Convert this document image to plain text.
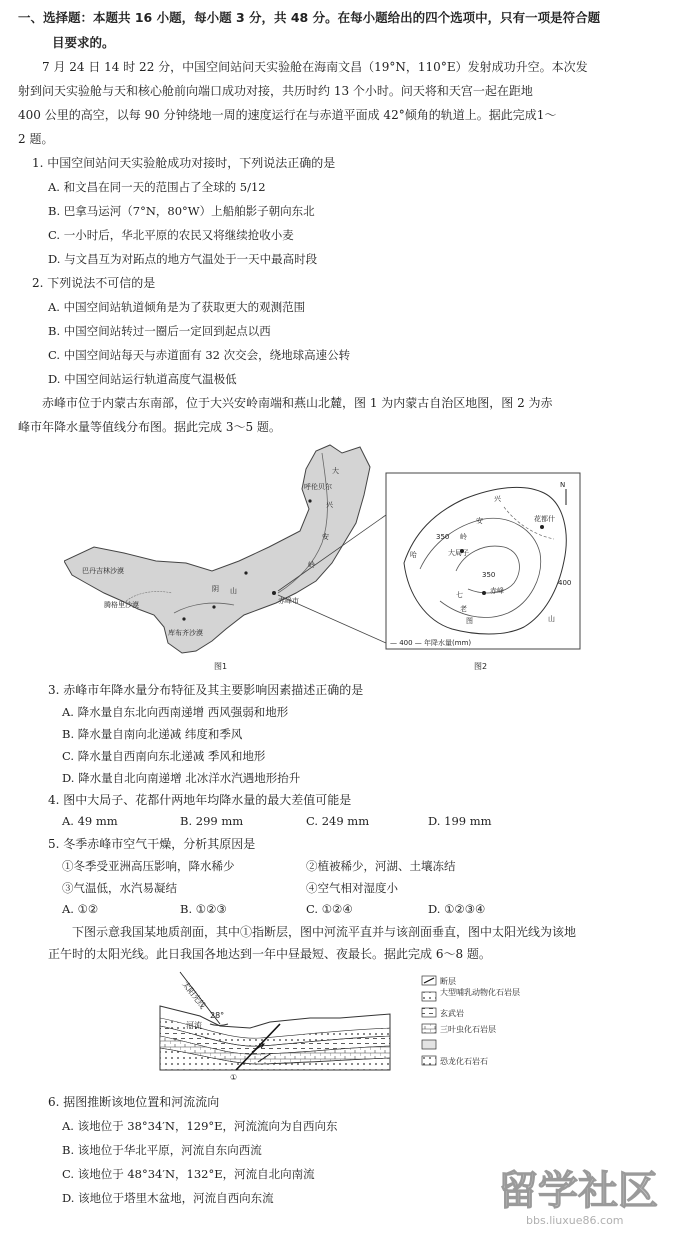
一、选择题：本题共 16 小题，每小题 3 分，共 48 分。在每小题给出的四个选项中，只有一项是符合题
目要求的。
7 月 24 日 14 时 22 分，中国空间站问天实验舱在海南文昌（19°N，110°E）发射成功升空。本次发
射到问天实验舱与天和核心舱前向端口成功对接，共历时约 13 个小时。问天将和天宫一起在距地
400 公里的高空，以每 90 分钟绕地一周的速度运行在与赤道平面成 42°倾角的轨道上。据此完成1～
2 题。
1. 中国空间站问天实验舱成功对接时，下列说法正确的是
A. 和文昌在同一天的范围占了全球的 5/12
B. 巴拿马运河（7°N，80°W）上船舶影子朝向东北
C. 一小时后，华北平原的农民又将继续抢收小麦
D. 与文昌互为对跖点的地方气温处于一天中最高时段
2. 下列说法不可信的是
A. 中国空间站轨道倾角是为了获取更大的观测范围
B. 中国空间站转过一圈后一定回到起点以西
C. 中国空间站每天与赤道面有 32 次交会，绕地球高速公转
D. 中国空间站运行轨道高度气温极低
赤峰市位于内蒙古东南部，位于大兴安岭南端和燕山北麓，图 1 为内蒙古自治区地图，图 2 为赤
峰市年降水量等值线分布图。据此完成 3～5 题。
大
兴
安
岭
呼伦贝尔
巴丹吉林沙漠
阴 山
赤峰市
腾格里沙漠
库布齐沙漠
N
兴
安
岭
350
400
350
赤峰
七
老
图	山
大局子
花都什
哈
— 400 — 年降水量(mm)
图1	图2
3. 赤峰市年降水量分布特征及其主要影响因素描述正确的是
A. 降水量自东北向西南递增 西风强弱和地形
B. 降水量自南向北递减 纬度和季风
C. 降水量自西南向东北递减 季风和地形
D. 降水量自北向南递增 北冰洋水汽遇地形抬升
4. 图中大局子、花都什两地年均降水量的最大差值可能是
A. 49 mm	B. 299 mm	C. 249 mm	D. 199 mm
5. 冬季赤峰市空气干燥，分析其原因是
①冬季受亚洲高压影响，降水稀少	②植被稀少，河湖、土壤冻结
③气温低，水汽易凝结	④空气相对湿度小
A. ①②	B. ①②③	C. ①②④	D. ①②③④
下图示意我国某地质剖面，其中①指断层，图中河流平直并与该剖面垂直，图中太阳光线为该地
正午时的太阳光线。此日我国各地达到一年中昼最短、夜最长。据此完成 6～8 题。
太阳光线
河流
28°
①
断层
大型哺乳动物化石岩层
玄武岩
三叶虫化石岩层
恐龙化石岩石
6. 据图推断该地位置和河流流向
A. 该地位于 38°34′N，129°E，河流流向为自西向东
B. 该地位于华北平原，河流自东向西流
C. 该地位于 48°34′N，132°E，河流自北向南流
D. 该地位于塔里木盆地，河流自西向东流	留学社区
bbs.liuxue86.com
